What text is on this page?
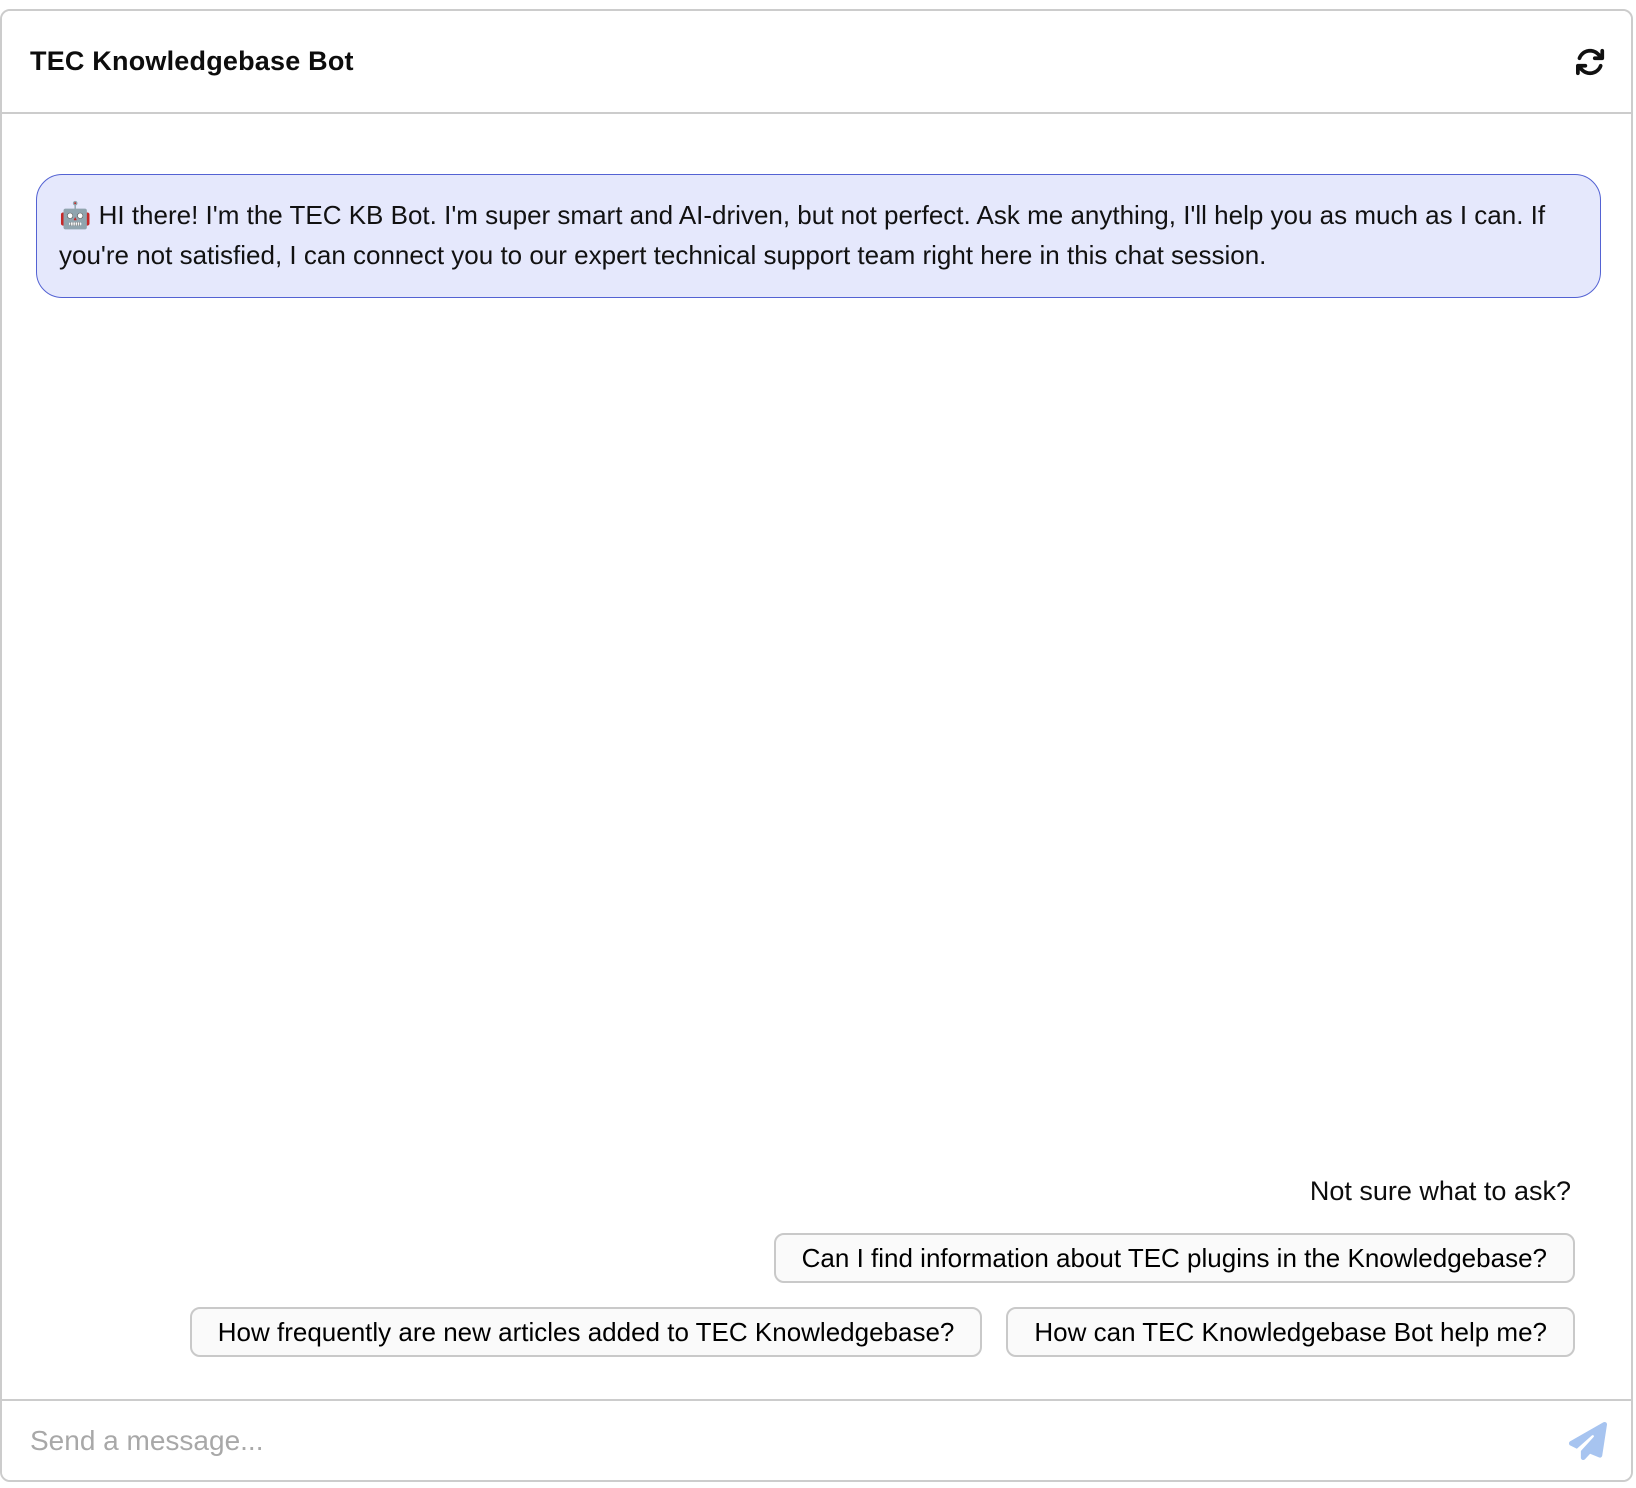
TEC Knowledgebase Bot
🤖 HI there! I'm the TEC KB Bot. I'm super smart and AI-driven, but not perfect. Ask me anything, I'll help you as much as I can. If you're not satisfied, I can connect you to our expert technical support team right here in this chat session.
Not sure what to ask?
Can I find information about TEC plugins in the Knowledgebase?
How frequently are new articles added to TEC Knowledgebase?	How can TEC Knowledgebase Bot help me?
Send a message...
